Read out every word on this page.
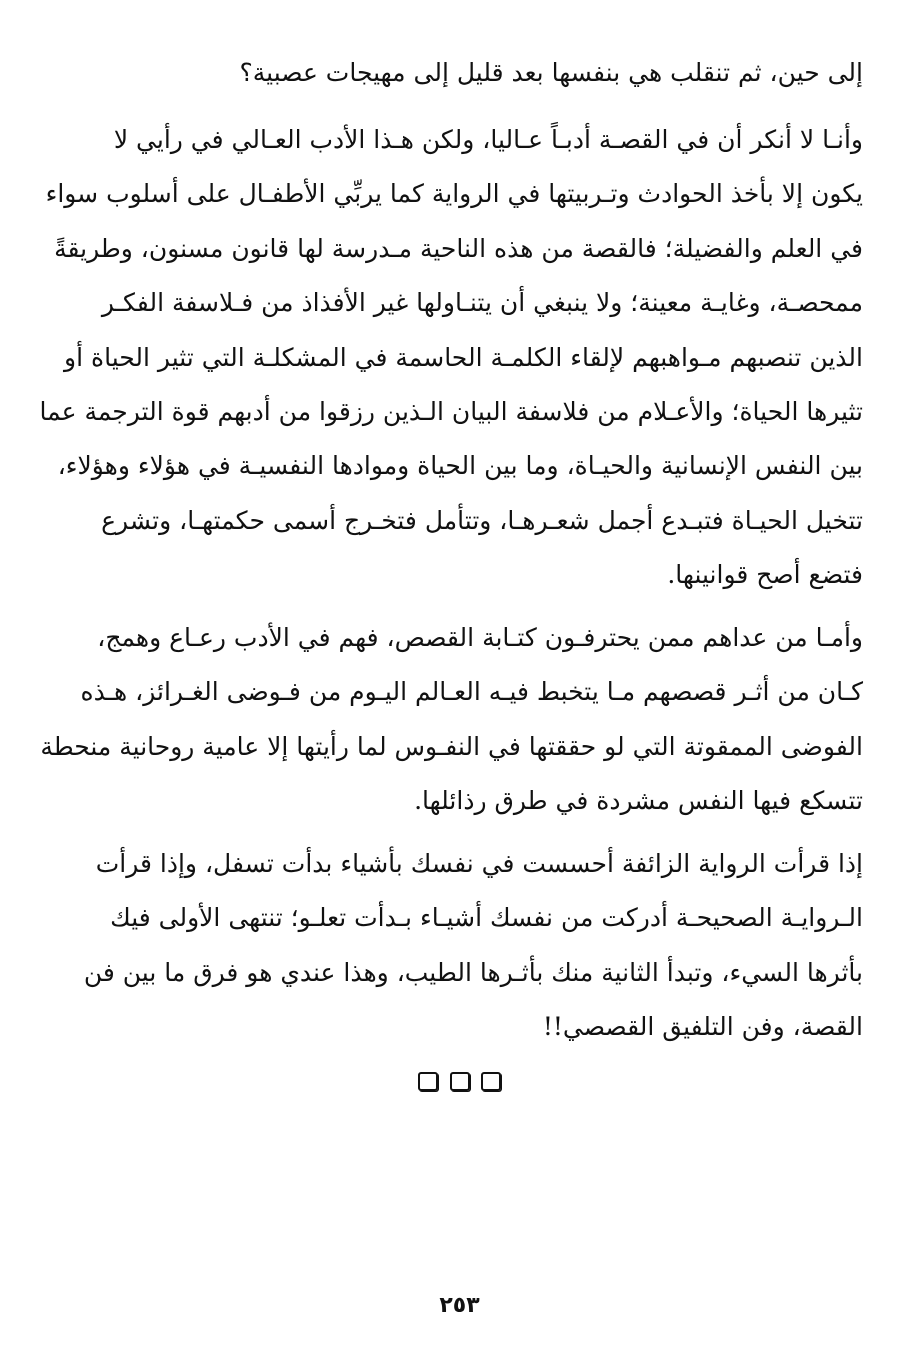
إلى حين، ثم تنقلب هي بنفسها بعد قليل إلى مهيجات عصبية؟
وأنـا لا أنكر أن في القصـة أدبـاً عـاليا، ولكن هـذا الأدب العـالي في رأيي لا
يكون إلا بأخذ الحوادث وتـربيتها في الرواية كما يربِّي الأطفـال على أسلوب سواء
في العلم والفضيلة؛ فالقصة من هذه الناحية مـدرسة لها قانون مسنون، وطريقةً
ممحصـة، وغايـة معينة؛ ولا ينبغي أن يتنـاولها غير الأفذاذ من فـلاسفة الفكـر
الذين تنصبهم مـواهبهم لإلقاء الكلمـة الحاسمة في المشكلـة التي تثير الحياة أو
تثيرها الحياة؛ والأعـلام من فلاسفة البيان الـذين رزقوا من أدبهم قوة الترجمة عما
بين النفس الإنسانية والحيـاة، وما بين الحياة وموادها النفسيـة في هؤلاء وهؤلاء،
تتخيل الحيـاة فتبـدع أجمل شعـرهـا، وتتأمل فتخـرج أسمى حكمتهـا، وتشرع
فتضع أصح قوانينها.
وأمـا من عداهم ممن يحترفـون كتـابة القصص، فهم في الأدب رعـاع وهمج،
كـان من أثـر قصصهم مـا يتخبط فيـه العـالم اليـوم من فـوضى الغـرائز، هـذه
الفوضى الممقوتة التي لو حققتها في النفـوس لما رأيتها إلا عامية روحانية منحطة
تتسكع فيها النفس مشردة في طرق رذائلها.
إذا قرأت الرواية الزائفة أحسست في نفسك بأشياء بدأت تسفل، وإذا قرأت
الـروايـة الصحيحـة أدركت من نفسك أشيـاء بـدأت تعلـو؛ تنتهى الأولى فيك
بأثرها السيء، وتبدأ الثانية منك بأثـرها الطيب، وهذا عندي هو فرق ما بين فن
القصة، وفن التلفيق القصصي!!

٢٥٣
